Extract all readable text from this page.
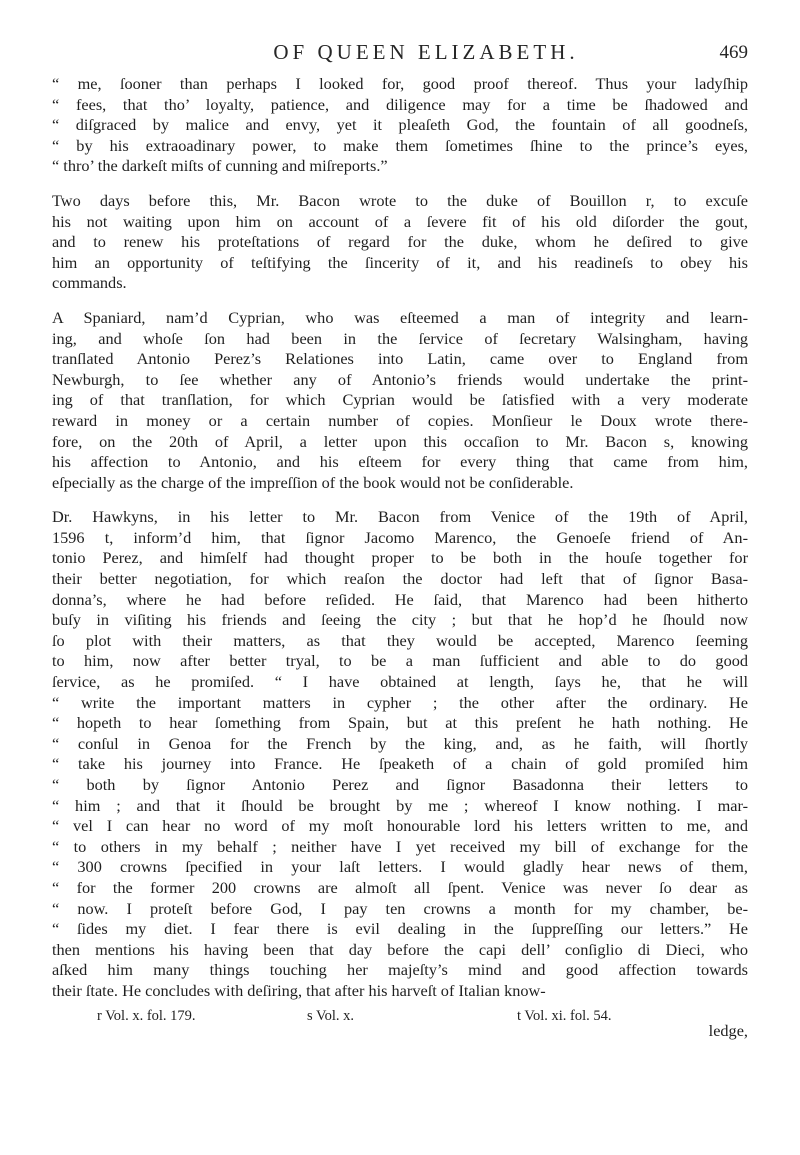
OF QUEEN ELIZABETH.	469
“ me, ſooner than perhaps I looked for, good proof thereof. Thus your ladyſhip
“ fees, that tho’ loyalty, patience, and diligence may for a time be ſhadowed and
“ diſgraced by malice and envy, yet it pleaſeth God, the fountain of all goodneſs,
“ by his extraoadinary power, to make them ſometimes ſhine to the prince’s eyes,
“ thro’ the darkeſt miſts of cunning and miſreports.”
Two days before this, Mr. Bacon wrote to the duke of Bouillon r, to excuſe
his not waiting upon him on account of a ſevere fit of his old diſorder the gout,
and to renew his proteſtations of regard for the duke, whom he deſired to give
him an opportunity of teſtifying the ſincerity of it, and his readineſs to obey his
commands.
A Spaniard, nam’d Cyprian, who was eſteemed a man of integrity and learn-
ing, and whoſe ſon had been in the ſervice of ſecretary Walsingham, having
tranſlated Antonio Perez’s Relationes into Latin, came over to England from
Newburgh, to ſee whether any of Antonio’s friends would undertake the print-
ing of that tranſlation, for which Cyprian would be ſatisfied with a very moderate
reward in money or a certain number of copies. Monſieur le Doux wrote there-
fore, on the 20th of April, a letter upon this occaſion to Mr. Bacon s, knowing
his affection to Antonio, and his eſteem for every thing that came from him,
eſpecially as the charge of the impreſſion of the book would not be conſiderable.
Dr. Hawkyns, in his letter to Mr. Bacon from Venice of the 19th of April,
1596 t, inform’d him, that ſignor Jacomo Marenco, the Genoeſe friend of An-
tonio Perez, and himſelf had thought proper to be both in the houſe together for
their better negotiation, for which reaſon the doctor had left that of ſignor Basa-
donna’s, where he had before reſided. He ſaid, that Marenco had been hitherto
buſy in viſiting his friends and ſeeing the city ; but that he hop’d he ſhould now
ſo plot with their matters, as that they would be accepted, Marenco ſeeming
to him, now after better tryal, to be a man ſufficient and able to do good
ſervice, as he promiſed. “ I have obtained at length, ſays he, that he will
“ write the important matters in cypher ; the other after the ordinary. He
“ hopeth to hear ſomething from Spain, but at this preſent he hath nothing. He
“ conſul in Genoa for the French by the king, and, as he faith, will ſhortly
“ take his journey into France. He ſpeaketh of a chain of gold promiſed him
“ both by ſignor Antonio Perez and ſignor Basadonna their letters to
“ him ; and that it ſhould be brought by me ; whereof I know nothing. I mar-
“ vel I can hear no word of my moſt honourable lord his letters written to me, and
“ to others in my behalf ; neither have I yet received my bill of exchange for the
“ 300 crowns ſpecified in your laſt letters. I would gladly hear news of them,
“ for the former 200 crowns are almoſt all ſpent. Venice was never ſo dear as
“ now. I proteſt before God, I pay ten crowns a month for my chamber, be-
“ ſides my diet. I fear there is evil dealing in the ſuppreſſing our letters.” He
then mentions his having been that day before the capi dell’ conſiglio di Dieci, who
aſked him many things touching her majeſty’s mind and good affection towards
their ſtate. He concludes with deſiring, that after his harveſt of Italian know-
r Vol. x. fol. 179.	s Vol. x.	t Vol. xi. fol. 54.
ledge,
